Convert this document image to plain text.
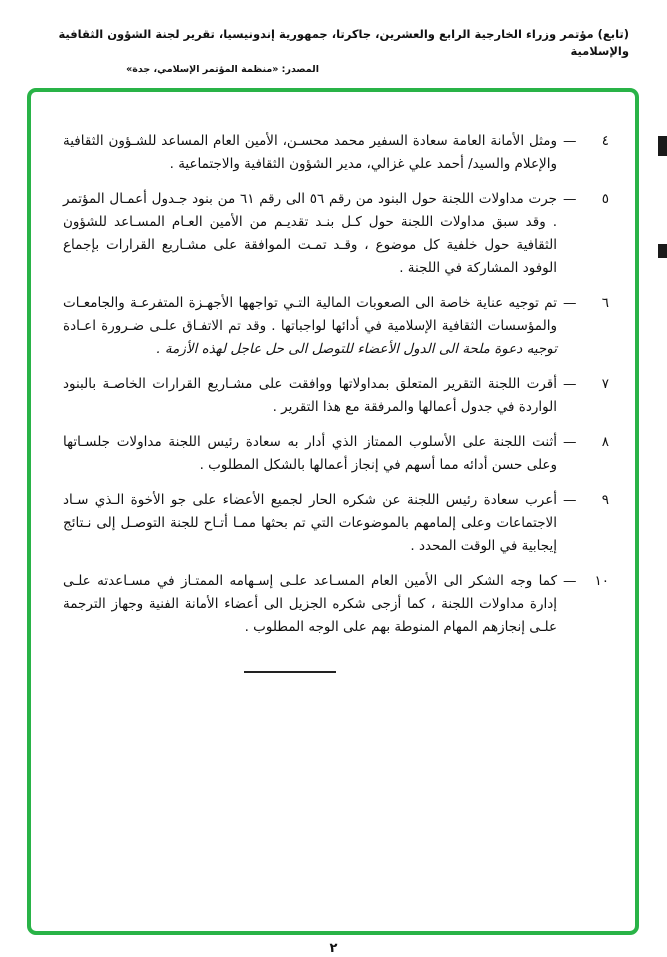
(تابع) مؤتمر وزراء الخارجية الرابع والعشرين، جاكرتا، جمهورية إندونيسيا، تقرير لجنة الشؤون الثقافية والإسلامية
المصدر: «منظمة المؤتمر الإسلامي، جدة»
٤
—
ومثل الأمانة العامة سعادة السفير محمد محسـن، الأمين العام المساعد للشـؤون الثقافية والإعلام والسيد/ أحمد علي غزالي، مدير الشؤون الثقافية والاجتماعية .
٥
—
جرت مداولات اللجنة حول البنود من رقم ٥٦ الى رقم ٦١ من بنود جـدول أعمـال المؤتمر . وقد سبق مداولات اللجنة حول كـل بنـد تقديـم من الأمين العـام المسـاعد للشؤون الثقافية حول خلفية كل موضوع ، وقـد تمـت الموافقة على مشـاريع القرارات بإجماع الوفود المشاركة في اللجنة .
٦
—
تم توجيه عناية خاصة الى الصعوبات المالية التـي تواجهها الأجهـزة المتفرعـة والجامعـات والمؤسسات الثقافية الإسلامية في أدائها لواجباتها . وقد تم الاتفـاق علـى ضـرورة اعـادة توجيه دعوة ملحة الى الدول الأعضاء للتوصل الى حل عاجل لهذه الأزمة .
٧
—
أقرت اللجنة التقرير المتعلق بمداولاتها ووافقت على مشـاريع القرارات الخاصـة بالبنود الواردة في جدول أعمالها والمرفقة مع هذا التقرير .
٨
—
أثنت اللجنة على الأسلوب الممتاز الذي أدار به سعادة رئيس اللجنة مداولات جلسـاتها وعلى حسن أدائه مما أسهم في إنجاز أعمالها بالشكل المطلوب .
٩
—
أعرب سعادة رئيس اللجنة عن شكره الحار لجميع الأعضاء على جو الأخوة الـذي سـاد الاجتماعات وعلى إلمامهم بالموضوعات التي تم بحثها ممـا أتـاح للجنة التوصـل إلى نـتائج إيجابية في الوقت المحدد .
١٠
—
كما وجه الشكر الى الأمين العام المسـاعد علـى إسـهامه الممتـاز في مسـاعدته علـى إدارة مداولات اللجنة ، كما أزجى شكره الجزيل الى أعضاء الأمانة الفنية وجهاز الترجمة علـى إنجازهم المهام المنوطة بهم على الوجه المطلوب .
٢
